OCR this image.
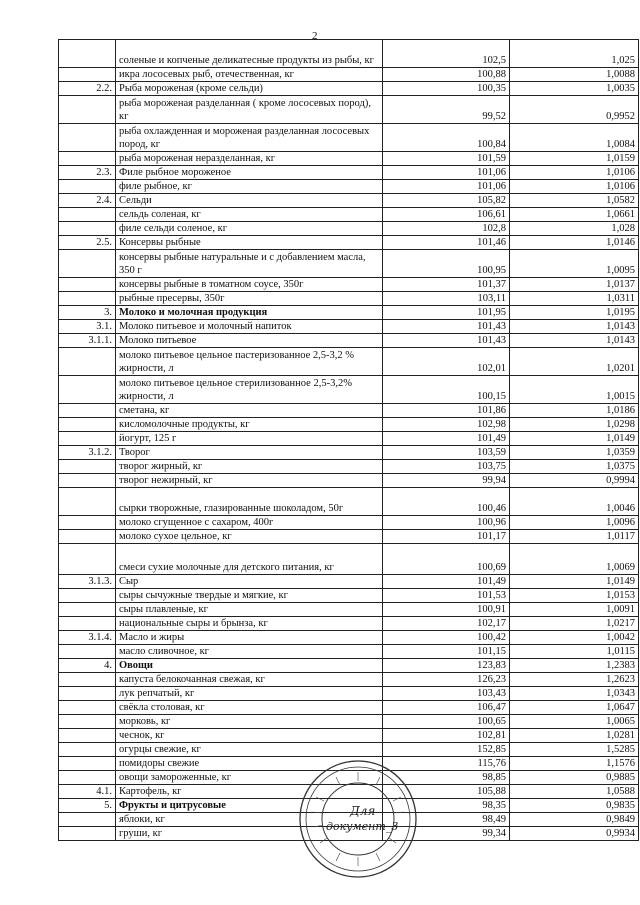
2
	соленые и копченые деликатесные продукты из рыбы, кг	102,5	1,025
	икра лососевых рыб, отечественная, кг	100,88	1,0088
2.2.	Рыба мороженая (кроме сельди)	100,35	1,0035
	рыба мороженая разделанная ( кроме лососевых пород), кг	99,52	0,9952
	рыба охлажденная и мороженая разделанная лососевых пород, кг	100,84	1,0084
	рыба мороженая неразделанная, кг	101,59	1,0159
2.3.	Филе рыбное мороженое	101,06	1,0106
	филе рыбное, кг	101,06	1,0106
2.4.	Сельди	105,82	1,0582
	сельдь соленая, кг	106,61	1,0661
	филе сельди соленое, кг	102,8	1,028
2.5.	Консервы рыбные	101,46	1,0146
	консервы рыбные натуральные и с добавлением масла, 350 г	100,95	1,0095
	консервы рыбные в томатном соусе, 350г	101,37	1,0137
	рыбные пресервы, 350г	103,11	1,0311
3.	Молоко и молочная продукция	101,95	1,0195
3.1.	Молоко питьевое и молочный напиток	101,43	1,0143
3.1.1.	Молоко питьевое	101,43	1,0143
	молоко питьевое цельное пастеризованное 2,5-3,2 % жирности, л	102,01	1,0201
	молоко питьевое цельное стерилизованное 2,5-3,2% жирности, л	100,15	1,0015
	сметана, кг	101,86	1,0186
	кисломолочные продукты, кг	102,98	1,0298
	йогурт, 125 г	101,49	1,0149
3.1.2.	Творог	103,59	1,0359
	творог жирный, кг	103,75	1,0375
	творог нежирный, кг	99,94	0,9994
	сырки творожные, глазированные шоколадом, 50г	100,46	1,0046
	молоко сгущенное с сахаром, 400г	100,96	1,0096
	молоко сухое цельное, кг	101,17	1,0117
	смеси сухие молочные для детского питания, кг	100,69	1,0069
3.1.3.	Сыр	101,49	1,0149
	сыры сычужные твердые и мягкие, кг	101,53	1,0153
	сыры плавленые, кг	100,91	1,0091
	национальные сыры и брынза, кг	102,17	1,0217
3.1.4.	Масло и жиры	100,42	1,0042
	масло сливочное, кг	101,15	1,0115
4.	Овощи	123,83	1,2383
	капуста белокочанная свежая, кг	126,23	1,2623
	лук репчатый, кг	103,43	1,0343
	свёкла столовая, кг	106,47	1,0647
	морковь, кг	100,65	1,0065
	чеснок, кг	102,81	1,0281
	огурцы свежие, кг	152,85	1,5285
	помидоры свежие	115,76	1,1576
	овощи замороженные, кг	98,85	0,9885
4.1.	Картофель, кг	105,88	1,0588
5.	Фрукты и цитрусовые	98,35	0,9835
	яблоки, кг	98,49	0,9849
	груши, кг	99,34	0,9934
Для
документ_3
